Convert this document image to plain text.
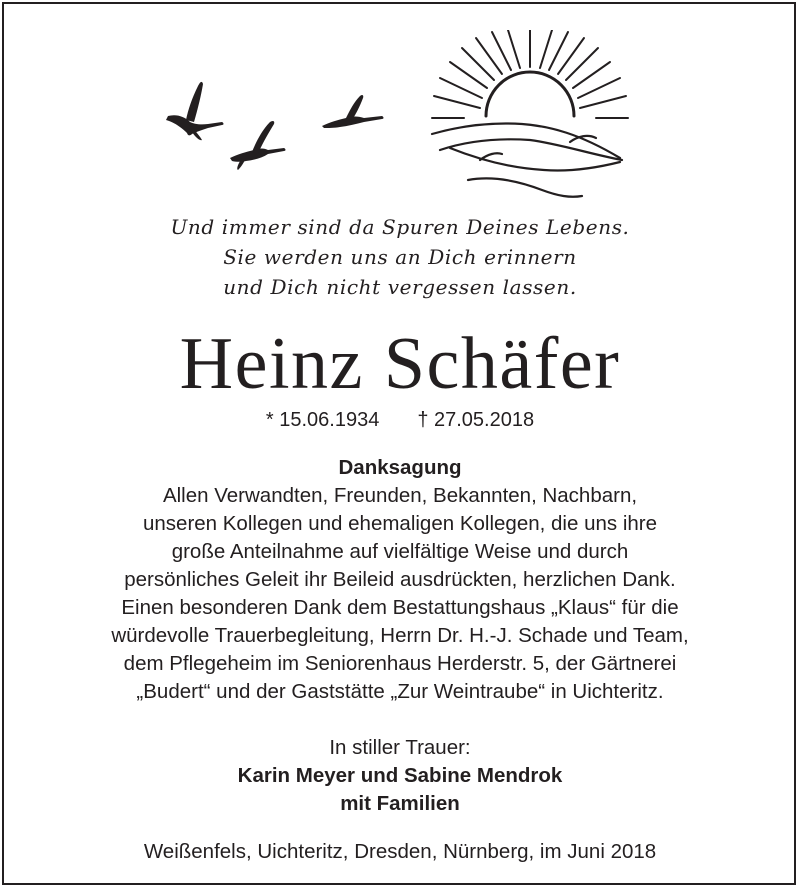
Und immer sind da Spuren Deines Lebens.
Sie werden uns an Dich erinnern
und Dich nicht vergessen lassen.
Heinz Schäfer
* 15.06.1934 † 27.05.2018
Danksagung
Allen Verwandten, Freunden, Bekannten, Nachbarn,
unseren Kollegen und ehemaligen Kollegen, die uns ihre
große Anteilnahme auf vielfältige Weise und durch
persönliches Geleit ihr Beileid ausdrückten, herzlichen Dank.
Einen besonderen Dank dem Bestattungshaus „Klaus“ für die
würdevolle Trauerbegleitung, Herrn Dr. H.-J. Schade und Team,
dem Pflegeheim im Seniorenhaus Herderstr. 5, der Gärtnerei
„Budert“ und der Gaststätte „Zur Weintraube“ in Uichteritz.
In stiller Trauer:
Karin Meyer und Sabine Mendrok
mit Familien
Weißenfels, Uichteritz, Dresden, Nürnberg, im Juni 2018
